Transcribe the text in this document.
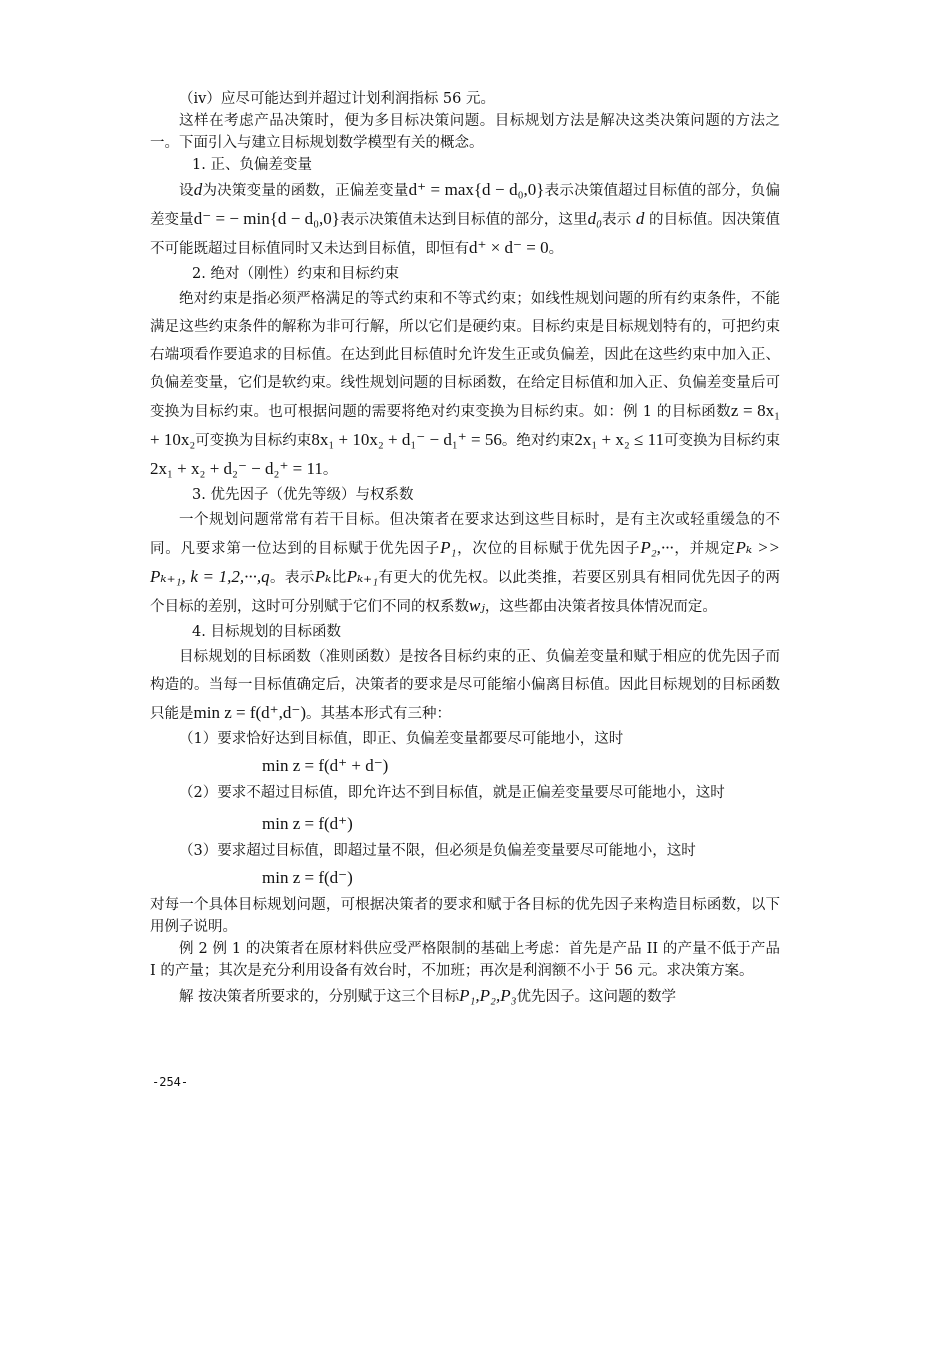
（iv）应尽可能达到并超过计划利润指标 56 元。

这样在考虑产品决策时，便为多目标决策问题。目标规划方法是解决这类决策问题的方法之一。下面引入与建立目标规划数学模型有关的概念。

1. 正、负偏差变量

设d为决策变量的函数，正偏差变量d⁺ = max{d − d₀,0}表示决策值超过目标值的部分，负偏差变量d⁻ = − min{d − d₀,0}表示决策值未达到目标值的部分，这里d₀表示 d 的目标值。因决策值不可能既超过目标值同时又未达到目标值，即恒有d⁺ × d⁻ = 0。

2. 绝对（刚性）约束和目标约束

绝对约束是指必须严格满足的等式约束和不等式约束；如线性规划问题的所有约束条件，不能满足这些约束条件的解称为非可行解，所以它们是硬约束。目标约束是目标规划特有的，可把约束右端项看作要追求的目标值。在达到此目标值时允许发生正或负偏差，因此在这些约束中加入正、负偏差变量，它们是软约束。线性规划问题的目标函数，在给定目标值和加入正、负偏差变量后可变换为目标约束。也可根据问题的需要将绝对约束变换为目标约束。如：例 1 的目标函数z = 8x₁ + 10x₂可变换为目标约束8x₁ + 10x₂ + d₁⁻ − d₁⁺ = 56。绝对约束2x₁ + x₂ ≤ 11可变换为目标约束2x₁ + x₂ + d₂⁻ − d₂⁺ = 11。

3. 优先因子（优先等级）与权系数

一个规划问题常常有若干目标。但决策者在要求达到这些目标时，是有主次或轻重缓急的不同。凡要求第一位达到的目标赋于优先因子P₁，次位的目标赋于优先因子P₂,···，并规定Pₖ >> Pₖ₊₁, k = 1,2,···,q。表示Pₖ比Pₖ₊₁有更大的优先权。以此类推，若要区别具有相同优先因子的两个目标的差别，这时可分别赋于它们不同的权系数wⱼ，这些都由决策者按具体情况而定。

4. 目标规划的目标函数

目标规划的目标函数（准则函数）是按各目标约束的正、负偏差变量和赋于相应的优先因子而构造的。当每一目标值确定后，决策者的要求是尽可能缩小偏离目标值。因此目标规划的目标函数只能是min z = f(d⁺,d⁻)。其基本形式有三种：

（1）要求恰好达到目标值，即正、负偏差变量都要尽可能地小，这时

min z = f(d⁺ + d⁻)

（2）要求不超过目标值，即允许达不到目标值，就是正偏差变量要尽可能地小，这时

min z = f(d⁺)

（3）要求超过目标值，即超过量不限，但必须是负偏差变量要尽可能地小，这时

min z = f(d⁻)

对每一个具体目标规划问题，可根据决策者的要求和赋于各目标的优先因子来构造目标函数，以下用例子说明。

例 2 例 1 的决策者在原材料供应受严格限制的基础上考虑：首先是产品 II 的产量不低于产品 I 的产量；其次是充分利用设备有效台时，不加班；再次是利润额不小于 56 元。求决策方案。

解 按决策者所要求的，分别赋于这三个目标P₁,P₂,P₃优先因子。这问题的数学

-254-
